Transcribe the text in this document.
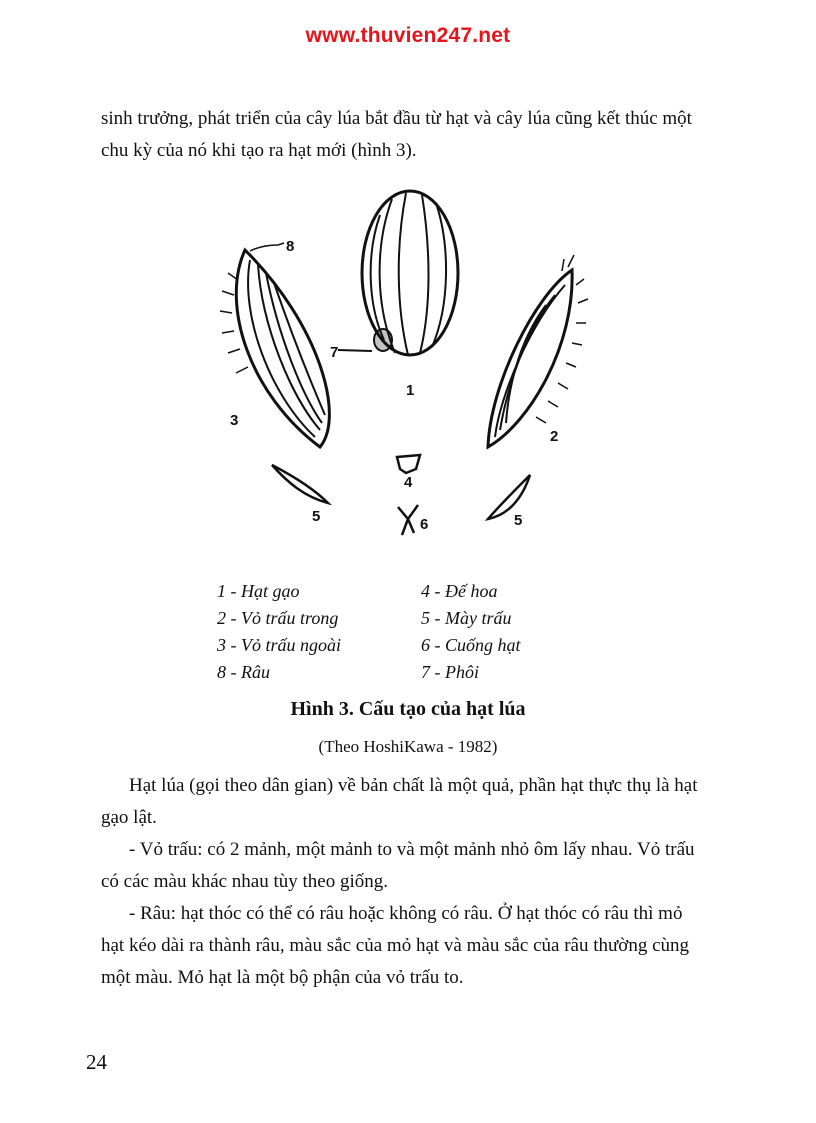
www.thuvien247.net

sinh trưởng, phát triển của cây lúa bắt đầu từ hạt và cây lúa cũng kết thúc một chu kỳ của nó khi tạo ra hạt mới (hình 3).

1
2
3
4
5	5
6
7
8
1 - Hạt gạo
2 - Vỏ trấu trong
3 - Vỏ trấu ngoài
8 - Râu
4 - Đế hoa
5 - Mày trấu
6 - Cuống hạt
7 - Phôi
Hình 3. Cấu tạo của hạt lúa
(Theo HoshiKawa - 1982)

Hạt lúa (gọi theo dân gian) về bản chất là một quả, phần hạt thực thụ là hạt gạo lật.

- Vỏ trấu: có 2 mảnh, một mảnh to và một mảnh nhỏ ôm lấy nhau. Vỏ trấu có các màu khác nhau tùy theo giống.

- Râu: hạt thóc có thể có râu hoặc không có râu. Ở hạt thóc có râu thì mỏ hạt kéo dài ra thành râu, màu sắc của mỏ hạt và màu sắc của râu thường cùng một màu. Mỏ hạt là một bộ phận của vỏ trấu to.

24
